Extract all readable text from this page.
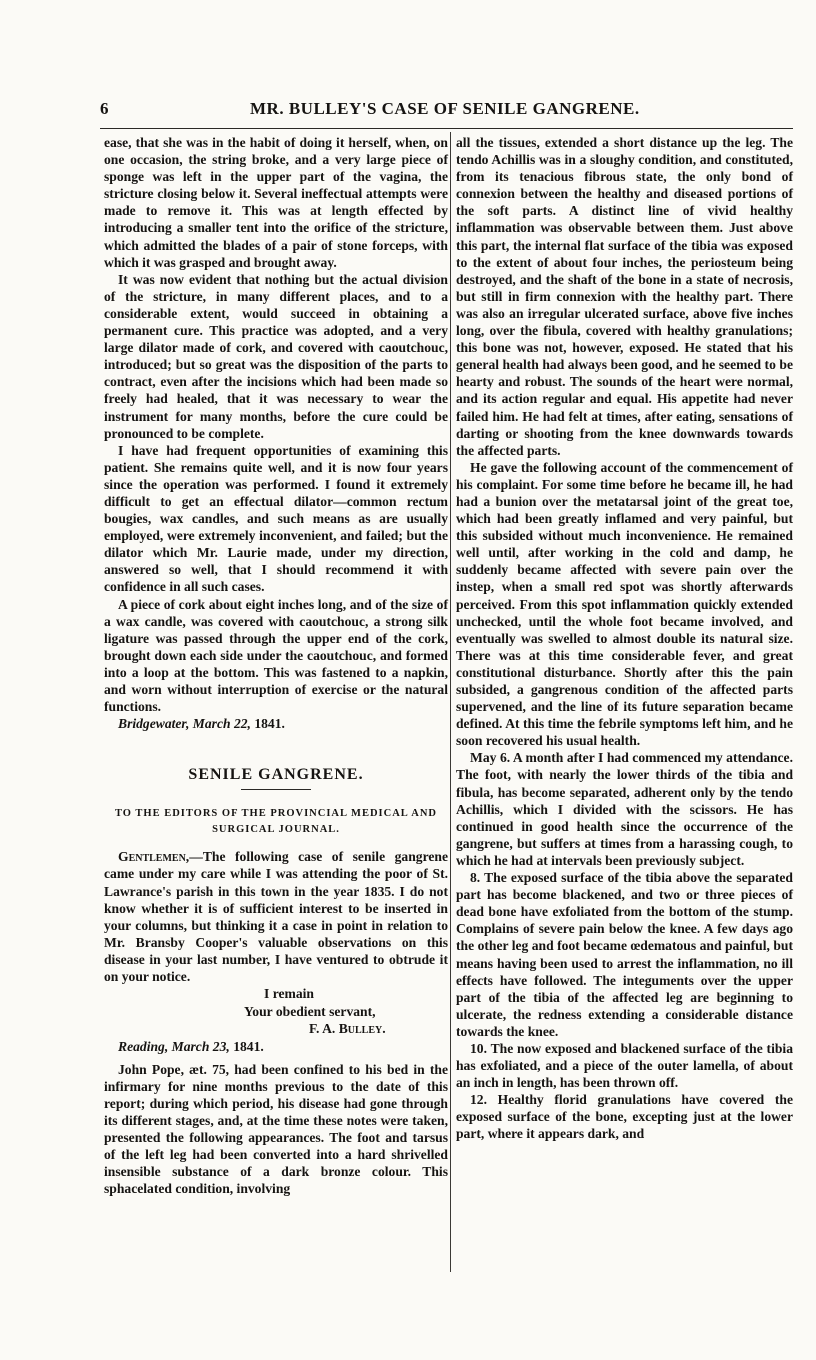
6	MR. BULLEY'S CASE OF SENILE GANGRENE.

ease, that she was in the habit of doing it herself, when, on one occasion, the string broke, and a very large piece of sponge was left in the upper part of the vagina, the stricture closing below it. Several ineffectual attempts were made to remove it. This was at length effected by introducing a smaller tent into the orifice of the stricture, which admitted the blades of a pair of stone forceps, with which it was grasped and brought away.

It was now evident that nothing but the actual division of the stricture, in many different places, and to a considerable extent, would succeed in obtaining a permanent cure. This practice was adopted, and a very large dilator made of cork, and covered with caoutchouc, introduced; but so great was the disposition of the parts to contract, even after the incisions which had been made so freely had healed, that it was necessary to wear the instrument for many months, before the cure could be pronounced to be complete.

I have had frequent opportunities of examining this patient. She remains quite well, and it is now four years since the operation was performed. I found it extremely difficult to get an effectual dilator—common rectum bougies, wax candles, and such means as are usually employed, were extremely inconvenient, and failed; but the dilator which Mr. Laurie made, under my direction, answered so well, that I should recommend it with confidence in all such cases.

A piece of cork about eight inches long, and of the size of a wax candle, was covered with caoutchouc, a strong silk ligature was passed through the upper end of the cork, brought down each side under the caoutchouc, and formed into a loop at the bottom. This was fastened to a napkin, and worn without interruption of exercise or the natural functions.

Bridgewater, March 22, 1841.

SENILE GANGRENE.
TO THE EDITORS OF THE PROVINCIAL MEDICAL AND SURGICAL JOURNAL.

Gentlemen,—The following case of senile gangrene came under my care while I was attending the poor of St. Lawrance's parish in this town in the year 1835. I do not know whether it is of sufficient interest to be inserted in your columns, but thinking it a case in point in relation to Mr. Bransby Cooper's valuable observations on this disease in your last number, I have ventured to obtrude it on your notice.

I remain
Your obedient servant,
F. A. Bulley.

Reading, March 23, 1841.

John Pope, æt. 75, had been confined to his bed in the infirmary for nine months previous to the date of this report; during which period, his disease had gone through its different stages, and, at the time these notes were taken, presented the following appearances. The foot and tarsus of the left leg had been converted into a hard shrivelled insensible substance of a dark bronze colour. This sphacelated condition, involving

all the tissues, extended a short distance up the leg. The tendo Achillis was in a sloughy condition, and constituted, from its tenacious fibrous state, the only bond of connexion between the healthy and diseased portions of the soft parts. A distinct line of vivid healthy inflammation was observable between them. Just above this part, the internal flat surface of the tibia was exposed to the extent of about four inches, the periosteum being destroyed, and the shaft of the bone in a state of necrosis, but still in firm connexion with the healthy part. There was also an irregular ulcerated surface, above five inches long, over the fibula, covered with healthy granulations; this bone was not, however, exposed. He stated that his general health had always been good, and he seemed to be hearty and robust. The sounds of the heart were normal, and its action regular and equal. His appetite had never failed him. He had felt at times, after eating, sensations of darting or shooting from the knee downwards towards the affected parts.

He gave the following account of the commencement of his complaint. For some time before he became ill, he had had a bunion over the metatarsal joint of the great toe, which had been greatly inflamed and very painful, but this subsided without much inconvenience. He remained well until, after working in the cold and damp, he suddenly became affected with severe pain over the instep, when a small red spot was shortly afterwards perceived. From this spot inflammation quickly extended unchecked, until the whole foot became involved, and eventually was swelled to almost double its natural size. There was at this time considerable fever, and great constitutional disturbance. Shortly after this the pain subsided, a gangrenous condition of the affected parts supervened, and the line of its future separation became defined. At this time the febrile symptoms left him, and he soon recovered his usual health.

May 6. A month after I had commenced my attendance. The foot, with nearly the lower thirds of the tibia and fibula, has become separated, adherent only by the tendo Achillis, which I divided with the scissors. He has continued in good health since the occurrence of the gangrene, but suffers at times from a harassing cough, to which he had at intervals been previously subject.

8. The exposed surface of the tibia above the separated part has become blackened, and two or three pieces of dead bone have exfoliated from the bottom of the stump. Complains of severe pain below the knee. A few days ago the other leg and foot became œdematous and painful, but means having been used to arrest the inflammation, no ill effects have followed. The integuments over the upper part of the tibia of the affected leg are beginning to ulcerate, the redness extending a considerable distance towards the knee.

10. The now exposed and blackened surface of the tibia has exfoliated, and a piece of the outer lamella, of about an inch in length, has been thrown off.

12. Healthy florid granulations have covered the exposed surface of the bone, excepting just at the lower part, where it appears dark, and
